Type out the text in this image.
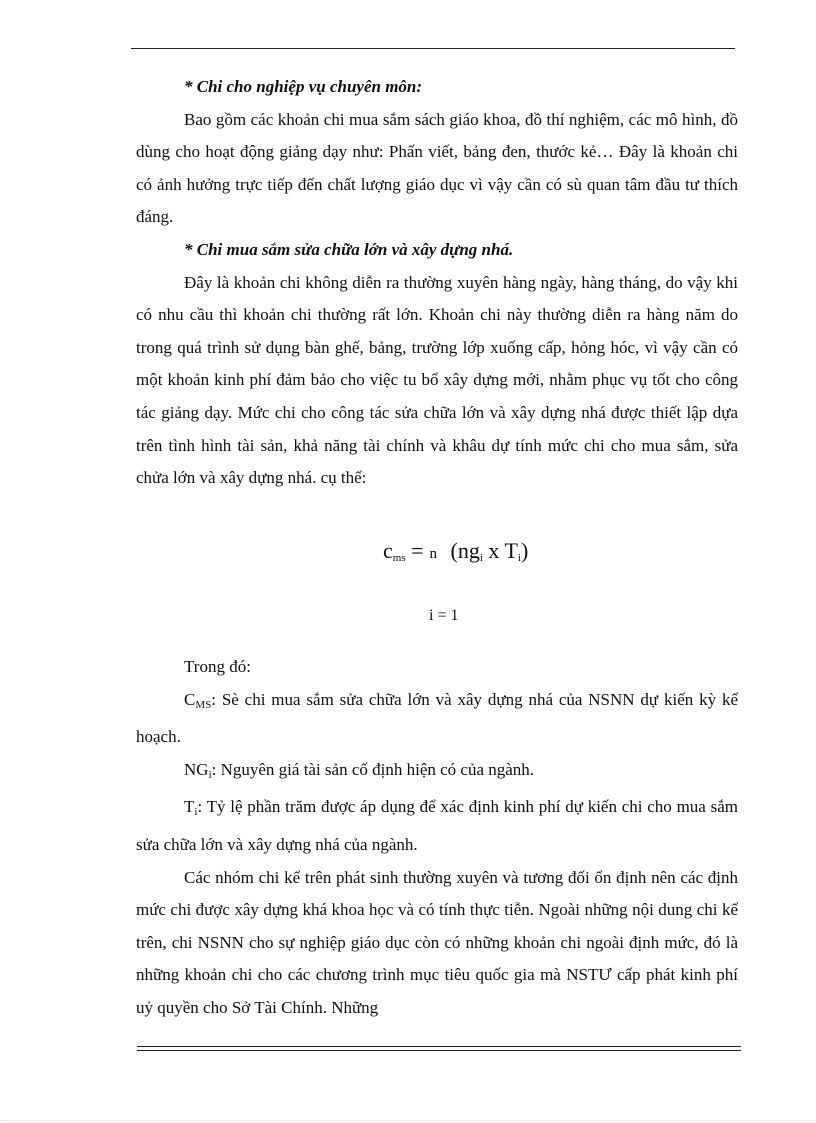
* Chi cho nghiệp vụ chuyên môn:

Bao gồm các khoản chi mua sắm sách giáo khoa, đồ thí nghiệm, các mô hình, đồ dùng cho hoạt động giảng dạy như: Phấn viết, bảng đen, thước kẻ… Đây là khoản chi có ảnh hưởng trực tiếp đến chất lượng giáo dục vì vậy cần có sù quan tâm đầu tư thích đáng.

* Chi mua sắm sửa chữa lớn và xây dựng nhá.

Đây là khoản chi không diễn ra thường xuyên hàng ngày, hàng tháng, do vậy khi có nhu cầu thì khoản chi thường rất lớn. Khoản chi này thường diễn ra hàng năm do trong quá trình sử dụng bàn ghế, bảng, trường lớp xuống cấp, hỏng hóc, vì vậy cần có một khoản kinh phí đảm bảo cho việc tu bổ xây dựng mới, nhằm phục vụ tốt cho công tác giảng dạy. Mức chi cho công tác sửa chữa lớn và xây dựng nhá được thiết lập dựa trên tình hình tài sản, khả năng tài chính và khâu dự tính mức chi cho mua sắm, sửa chửa lớn và xây dựng nhá. cụ thể:

$c_{ms} = n$ ($ng_i$ x $T_i$)
i = 1

Trong đó:

$C_{MS}$: Sè chi mua sắm sửa chữa lớn và xây dựng nhá của NSNN dự kiến kỳ kế hoạch.

$NG_i$: Nguyên giá tài sản cố định hiện có của ngành.

$T_i$: Tỷ lệ phần trăm được áp dụng để xác định kinh phí dự kiến chi cho mua sắm sửa chữa lớn và xây dựng nhá của ngành.

Các nhóm chi kể trên phát sinh thường xuyên và tương đối ổn định nên các định mức chi được xây dựng khá khoa học và có tính thực tiễn. Ngoài những nội dung chi kể trên, chi NSNN cho sự nghiệp giáo dục còn có những khoản chi ngoài định mức, đó là những khoản chi cho các chương trình mục tiêu quốc gia mà NSTƯ cấp phát kinh phí uỷ quyền cho Sở Tài Chính. Những
